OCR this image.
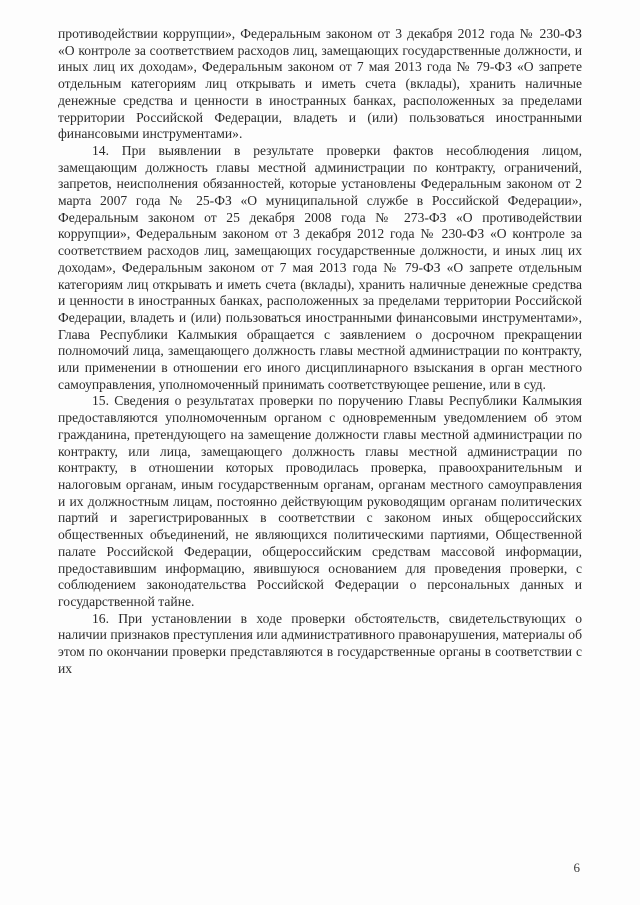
противодействии коррупции», Федеральным законом от 3 декабря 2012 года № 230-ФЗ «О контроле за соответствием расходов лиц, замещающих государственные должности, и иных лиц их доходам», Федеральным законом от 7 мая 2013 года № 79-ФЗ «О запрете отдельным категориям лиц открывать и иметь счета (вклады), хранить наличные денежные средства и ценности в иностранных банках, расположенных за пределами территории Российской Федерации, владеть и (или) пользоваться иностранными финансовыми инструментами».

14. При выявлении в результате проверки фактов несоблюдения лицом, замещающим должность главы местной администрации по контракту, ограничений, запретов, неисполнения обязанностей, которые установлены Федеральным законом от 2 марта 2007 года № 25-ФЗ «О муниципальной службе в Российской Федерации», Федеральным законом от 25 декабря 2008 года № 273-ФЗ «О противодействии коррупции», Федеральным законом от 3 декабря 2012 года № 230-ФЗ «О контроле за соответствием расходов лиц, замещающих государственные должности, и иных лиц их доходам», Федеральным законом от 7 мая 2013 года № 79-ФЗ «О запрете отдельным категориям лиц открывать и иметь счета (вклады), хранить наличные денежные средства и ценности в иностранных банках, расположенных за пределами территории Российской Федерации, владеть и (или) пользоваться иностранными финансовыми инструментами», Глава Республики Калмыкия обращается с заявлением о досрочном прекращении полномочий лица, замещающего должность главы местной администрации по контракту, или применении в отношении его иного дисциплинарного взыскания в орган местного самоуправления, уполномоченный принимать соответствующее решение, или в суд.

15. Сведения о результатах проверки по поручению Главы Республики Калмыкия предоставляются уполномоченным органом с одновременным уведомлением об этом гражданина, претендующего на замещение должности главы местной администрации по контракту, или лица, замещающего должность главы местной администрации по контракту, в отношении которых проводилась проверка, правоохранительным и налоговым органам, иным государственным органам, органам местного самоуправления и их должностным лицам, постоянно действующим руководящим органам политических партий и зарегистрированных в соответствии с законом иных общероссийских общественных объединений, не являющихся политическими партиями, Общественной палате Российской Федерации, общероссийским средствам массовой информации, предоставившим информацию, явившуюся основанием для проведения проверки, с соблюдением законодательства Российской Федерации о персональных данных и государственной тайне.

16. При установлении в ходе проверки обстоятельств, свидетельствующих о наличии признаков преступления или административного правонарушения, материалы об этом по окончании проверки представляются в государственные органы в соответствии с их

6
